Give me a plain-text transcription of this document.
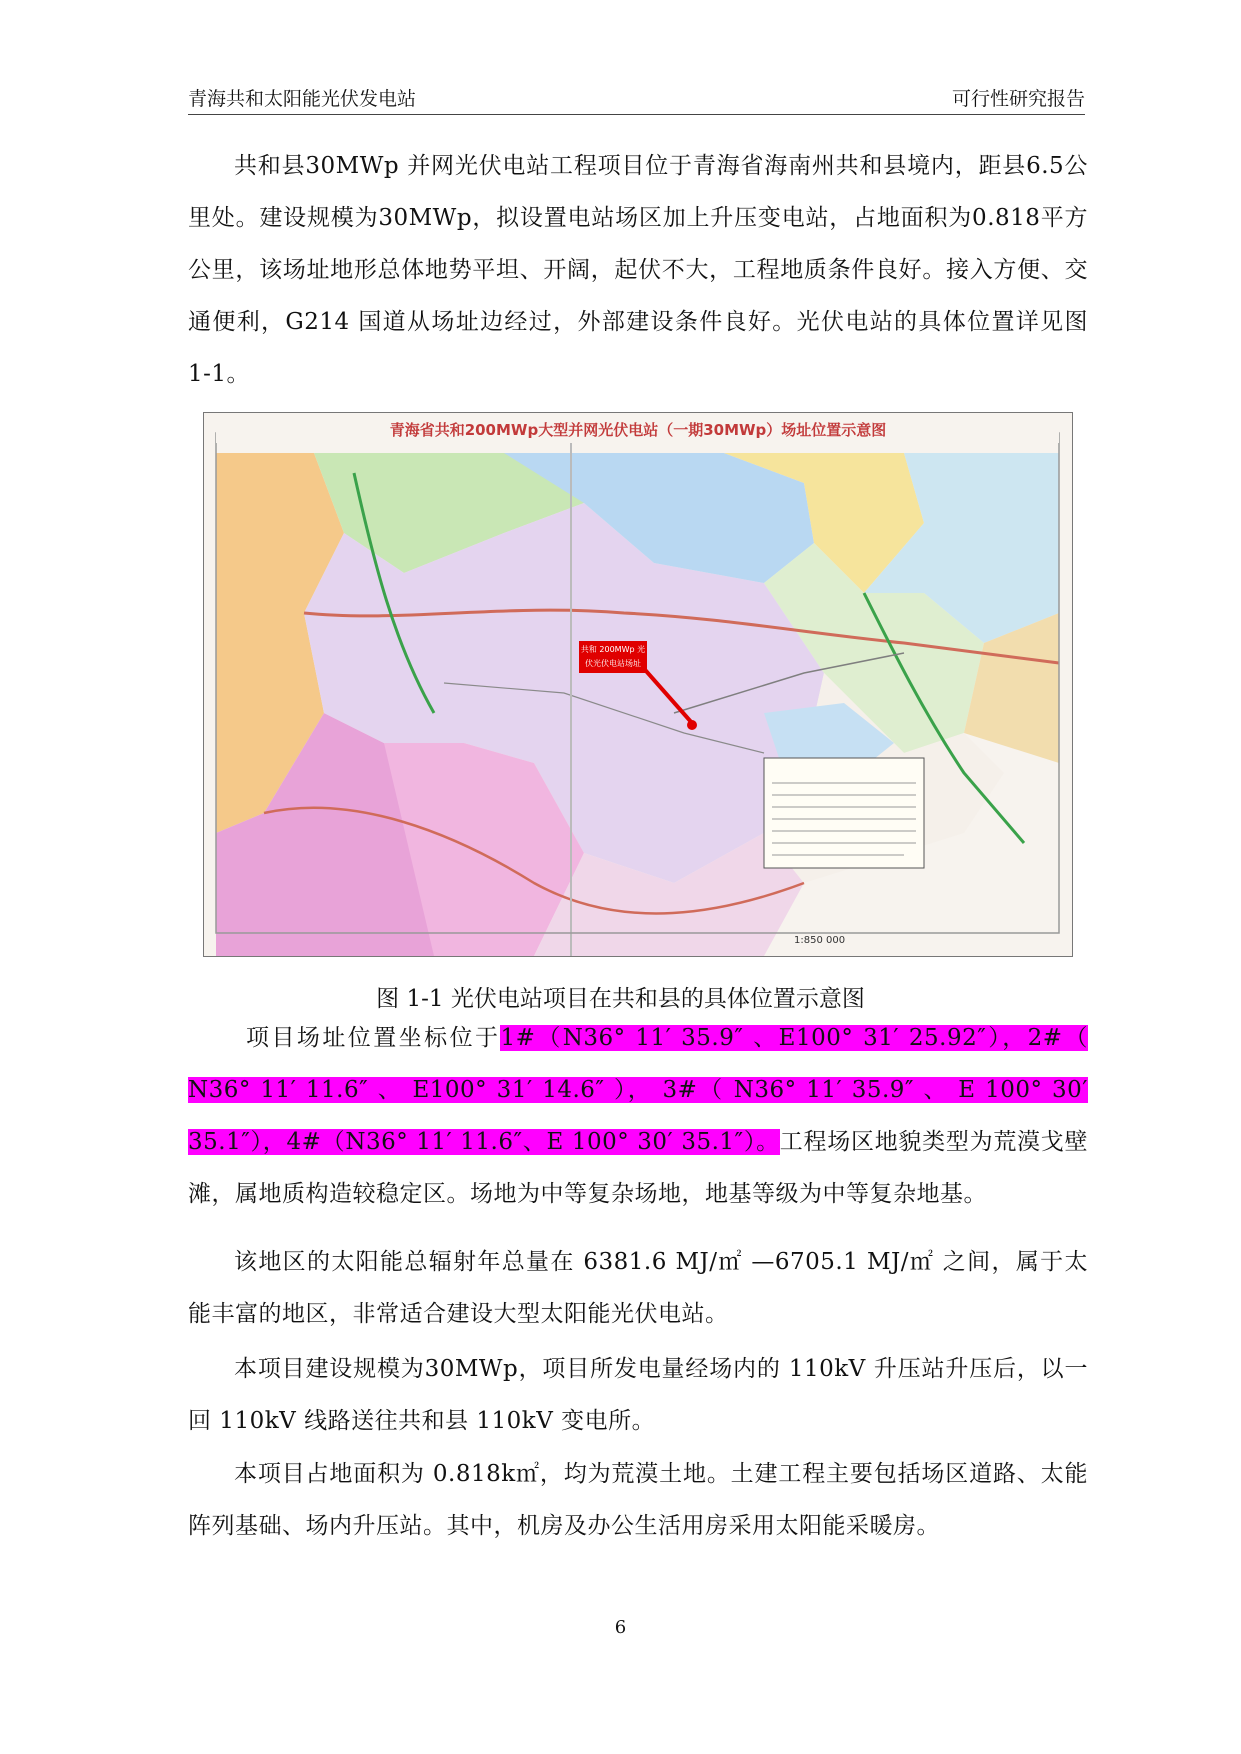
青海共和太阳能光伏发电站	可行性研究报告
共和县30MWp 并网光伏电站工程项目位于青海省海南州共和县境内，距县6.5公里处。建设规模为30MWp，拟设置电站场区加上升压变电站，占地面积为0.818平方公里，该场址地形总体地势平坦、开阔，起伏不大，工程地质条件良好。接入方便、交通便利，G214 国道从场址边经过，外部建设条件良好。光伏电站的具体位置详见图 1-1。
青海省共和200MWp大型并网光伏电站（一期30MWp）场址位置示意图
共和 200MWp 光
伏光伏电站场址
1:850 000
图 1-1 光伏电站项目在共和县的具体位置示意图
项目场址位置坐标位于1#（N36° 11′ 35.9″ 、E100° 31′ 25.92″），2#（ N36° 11′ 11.6″ 、 E100° 31′ 14.6″ ）， 3#（ N36° 11′ 35.9″ 、 E 100° 30′ 35.1″），4#（N36° 11′ 11.6″、E 100° 30′ 35.1″）。工程场区地貌类型为荒漠戈壁滩，属地质构造较稳定区。场地为中等复杂场地，地基等级为中等复杂地基。
该地区的太阳能总辐射年总量在 6381.6 MJ/㎡ —6705.1 MJ/㎡ 之间，属于太能丰富的地区，非常适合建设大型太阳能光伏电站。
本项目建设规模为30MWp，项目所发电量经场内的 110kV 升压站升压后，以一回 110kV 线路送往共和县 110kV 变电所。
本项目占地面积为 0.818k㎡，均为荒漠土地。土建工程主要包括场区道路、太能阵列基础、场内升压站。其中，机房及办公生活用房采用太阳能采暖房。
6
